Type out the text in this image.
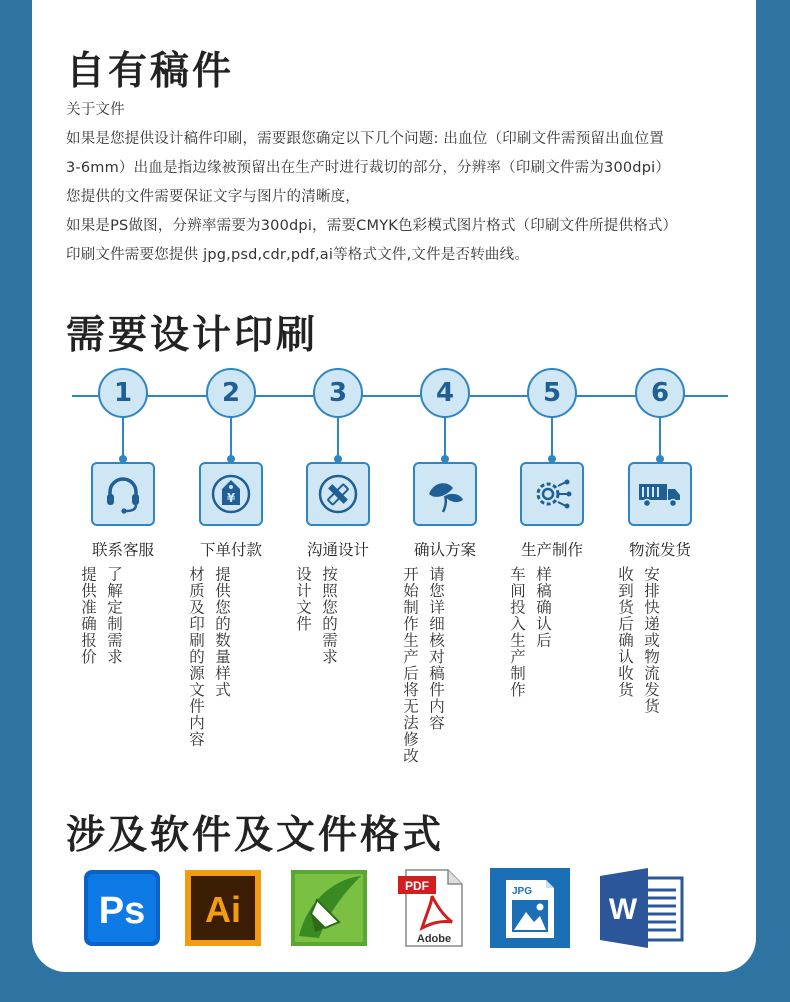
自有稿件
关于文件
如果是您提供设计稿件印刷，需要跟您确定以下几个问题: 出血位（印刷文件需预留出血位置
3-6mm）出血是指边缘被预留出在生产时进行裁切的部分，分辨率（印刷文件需为300dpi）
您提供的文件需要保证文字与图片的清晰度，
如果是PS做图，分辨率需要为300dpi，需要CMYK色彩模式图片格式（印刷文件所提供格式）
印刷文件需要您提供 jpg,psd,cdr,pdf,ai等格式文件,文件是否转曲线。
需要设计印刷
1
联系客服
了解定制需求
提供准确报价
2
¥
下单付款
提供您的数量样式
材质及印刷的源文件内容
3
沟通设计
按照您的需求
设计文件
4
确认方案
请您详细核对稿件内容
开始制作生产后将无法修改
5
生产制作
样稿确认后
车间投入生产制作
6
物流发货
安排快递或物流发货
收到货后确认收货
涉及软件及文件格式
Ps Ai
PDF
Adobe
JPG
W
